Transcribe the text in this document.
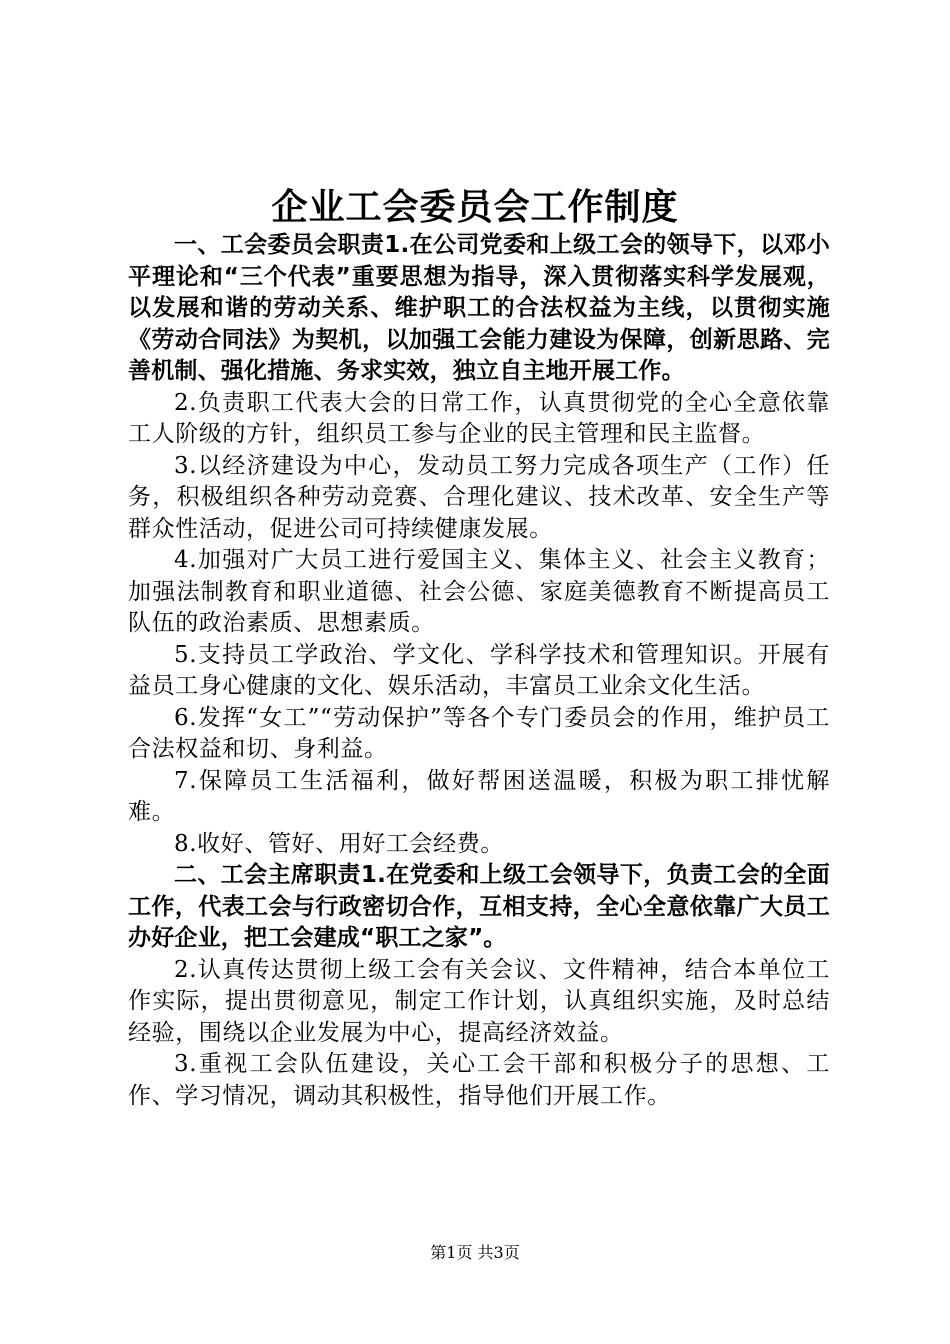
企业工会委员会工作制度

一、工会委员会职责1.在公司党委和上级工会的领导下，以邓小平理论和“三个代表”重要思想为指导，深入贯彻落实科学发展观，以发展和谐的劳动关系、维护职工的合法权益为主线，以贯彻实施《劳动合同法》为契机，以加强工会能力建设为保障，创新思路、完善机制、强化措施、务求实效，独立自主地开展工作。

2.负责职工代表大会的日常工作，认真贯彻党的全心全意依靠工人阶级的方针，组织员工参与企业的民主管理和民主监督。

3.以经济建设为中心，发动员工努力完成各项生产（工作）任务，积极组织各种劳动竞赛、合理化建议、技术改革、安全生产等群众性活动，促进公司可持续健康发展。

4.加强对广大员工进行爱国主义、集体主义、社会主义教育；加强法制教育和职业道德、社会公德、家庭美德教育不断提高员工队伍的政治素质、思想素质。

5.支持员工学政治、学文化、学科学技术和管理知识。开展有益员工身心健康的文化、娱乐活动，丰富员工业余文化生活。

6.发挥“女工”“劳动保护”等各个专门委员会的作用，维护员工合法权益和切、身利益。

7.保障员工生活福利，做好帮困送温暖，积极为职工排忧解难。

8.收好、管好、用好工会经费。

二、工会主席职责1.在党委和上级工会领导下，负责工会的全面工作，代表工会与行政密切合作，互相支持，全心全意依靠广大员工办好企业，把工会建成“职工之家”。

2.认真传达贯彻上级工会有关会议、文件精神，结合本单位工作实际，提出贯彻意见，制定工作计划，认真组织实施，及时总结经验，围绕以企业发展为中心，提高经济效益。

3.重视工会队伍建设，关心工会干部和积极分子的思想、工作、学习情况，调动其积极性，指导他们开展工作。

第1页 共3页
